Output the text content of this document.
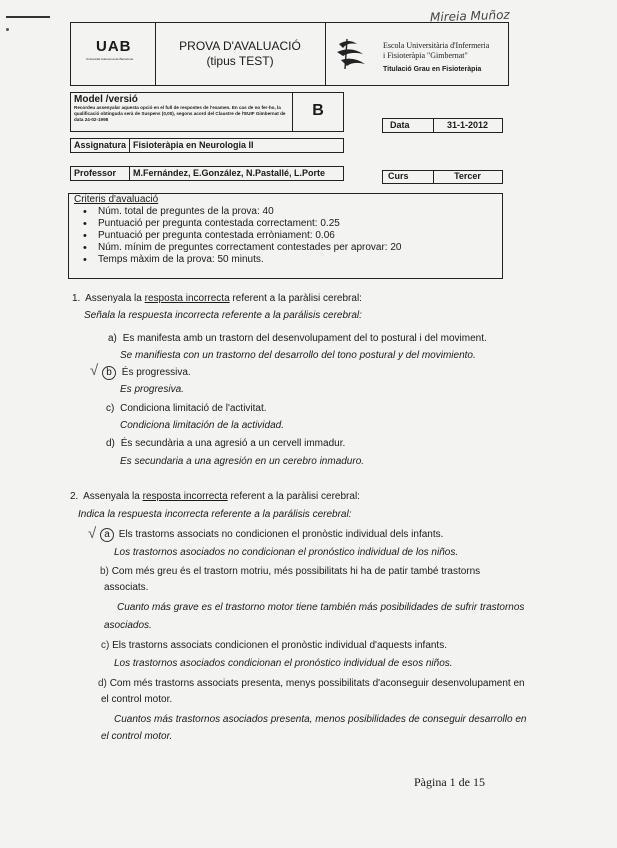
Mireia Muñoz
UAB
Universitat Autònoma de Barcelona
PROVA D'AVALUACIÓ
(tipus TEST)
Escola Universitària d'Infermeria
i Fisioteràpia "Gimbernat"
Titulació Grau en Fisioteràpia
Model /versió
Recordeu assenyalar aquesta opció en el full de respostes de l'examen. En cas de no fer-ho, la qualificació obtinguda serà de Suspens (0,00), segons acord del Claustre de l'EUIF Gimbernat de data 24-02-1998
B
Data	31-1-2012
Assignatura Fisioteràpia en Neurologia II
Professor M.Fernández, E.González, N.Pastallé, L.Porte	Curs	Tercer
Criteris d'avaluació
• Núm. total de preguntes de la prova: 40
• Puntuació per pregunta contestada correctament: 0.25
• Puntuació per pregunta contestada erròniament: 0.06
• Núm. mínim de preguntes correctament contestades per aprovar: 20
• Temps màxim de la prova: 50 minuts.
1. Assenyala la resposta incorrecta referent a la paràlisi cerebral:
Señala la respuesta incorrecta referente a la parálisis cerebral:
a) Es manifesta amb un trastorn del desenvolupament del to postural i del moviment.
Se manifiesta con un trastorno del desarrollo del tono postural y del movimiento.
√ b És progressiva.
Es progresiva.
c) Condiciona limitació de l'activitat.
Condiciona limitación de la actividad.
d) És secundària a una agresió a un cervell immadur.
Es secundaria a una agresión en un cerebro inmaduro.
2. Assenyala la resposta incorrecta referent a la paràlisi cerebral:
Indica la respuesta incorrecta referente a la parálisis cerebral:
√ a Els trastorns associats no condicionen el pronòstic individual dels infants.
Los trastornos asociados no condicionan el pronóstico individual de los niños.
b) Com més greu és el trastorn motriu, més possibilitats hi ha de patir també trastorns
associats.
Cuanto más grave es el trastorno motor tiene también más posibilidades de sufrir trastornos
asociados.
c) Els trastorns associats condicionen el pronòstic individual d'aquests infants.
Los trastornos asociados condicionan el pronóstico individual de esos niños.
d) Com més trastorns associats presenta, menys possibilitats d'aconseguir desenvolupament en
el control motor.
Cuantos más trastornos asociados presenta, menos posibilidades de conseguir desarrollo en
el control motor.
Pàgina 1 de 15
